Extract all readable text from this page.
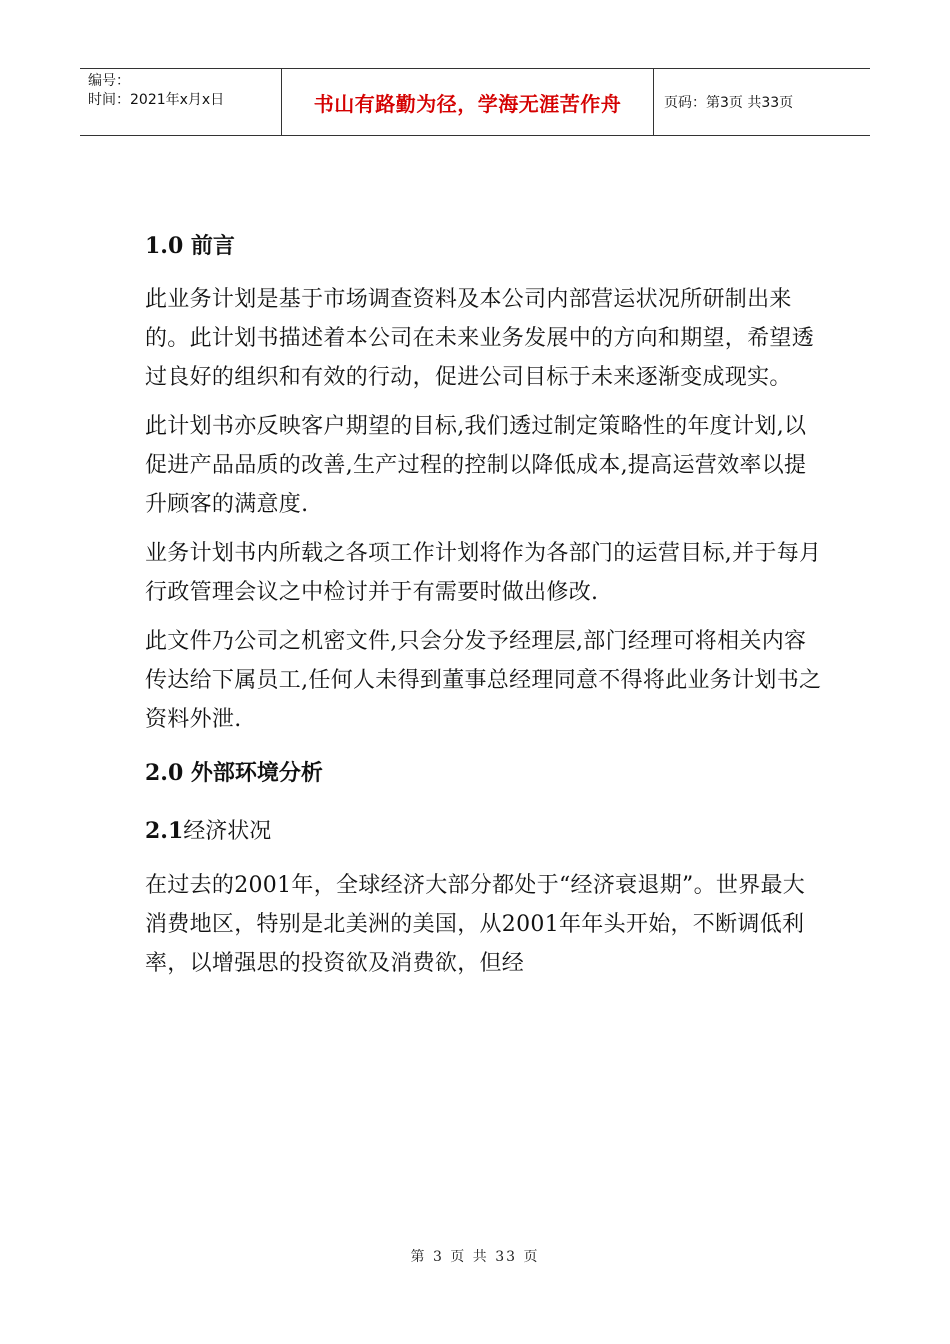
编号：
时间：2021年x月x日	书山有路勤为径，学海无涯苦作舟	页码：第3页 共33页
1.0 前言

此业务计划是基于市场调查资料及本公司内部营运状况所研制出来的。此计划书描述着本公司在未来业务发展中的方向和期望，希望透过良好的组织和有效的行动，促进公司目标于未来逐渐变成现实。

此计划书亦反映客户期望的目标,我们透过制定策略性的年度计划,以促进产品品质的改善,生产过程的控制以降低成本,提高运营效率以提升顾客的满意度.

业务计划书内所载之各项工作计划将作为各部门的运营目标,并于每月行政管理会议之中检讨并于有需要时做出修改.

此文件乃公司之机密文件,只会分发予经理层,部门经理可将相关内容传达给下属员工,任何人未得到董事总经理同意不得将此业务计划书之资料外泄.

2.0 外部环境分析
2.1经济状况

在过去的2001年，全球经济大部分都处于“经济衰退期”。世界最大消费地区，特别是北美洲的美国，从2001年年头开始，不断调低利率，以增强思的投资欲及消费欲，但经

第 3 页 共 33 页
